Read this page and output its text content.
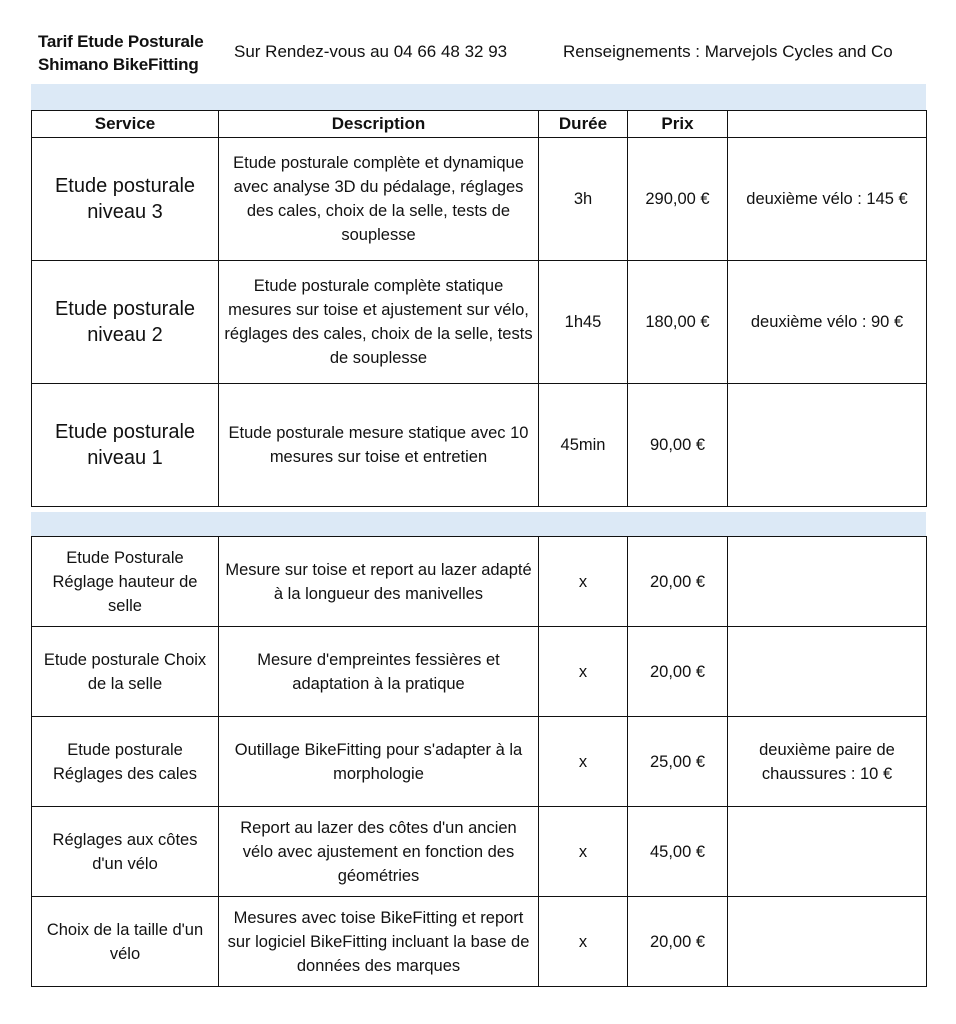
Tarif Etude Posturale
Shimano BikeFitting
Sur Rendez-vous au 04 66 48 32 93	Renseignements : Marvejols Cycles and Co
Service	Description	Durée	Prix	
Etude posturale niveau 3	Etude posturale complète et dynamique avec analyse 3D du pédalage, réglages des cales, choix de la selle, tests de souplesse	3h	290,00 €	deuxième vélo : 145 €
Etude posturale niveau 2	Etude posturale complète statique mesures sur toise et ajustement sur vélo, réglages des cales, choix de la selle, tests de souplesse	1h45	180,00 €	deuxième vélo : 90 €
Etude posturale niveau 1	Etude posturale mesure statique avec 10 mesures sur toise et entretien	45min	90,00 €	
Etude Posturale Réglage hauteur de selle	Mesure sur toise et report au lazer adapté à la longueur des manivelles	x	20,00 €	
Etude posturale Choix de la selle	Mesure d'empreintes fessières et adaptation à la pratique	x	20,00 €	
Etude posturale Réglages des cales	Outillage BikeFitting pour s'adapter à la morphologie	x	25,00 €	deuxième paire de chaussures : 10 €
Réglages aux côtes d'un vélo	Report au lazer des côtes d'un ancien vélo avec ajustement en fonction des géométries	x	45,00 €	
Choix de la taille d'un vélo	Mesures avec toise BikeFitting et report sur logiciel BikeFitting incluant la base de données des marques	x	20,00 €	
